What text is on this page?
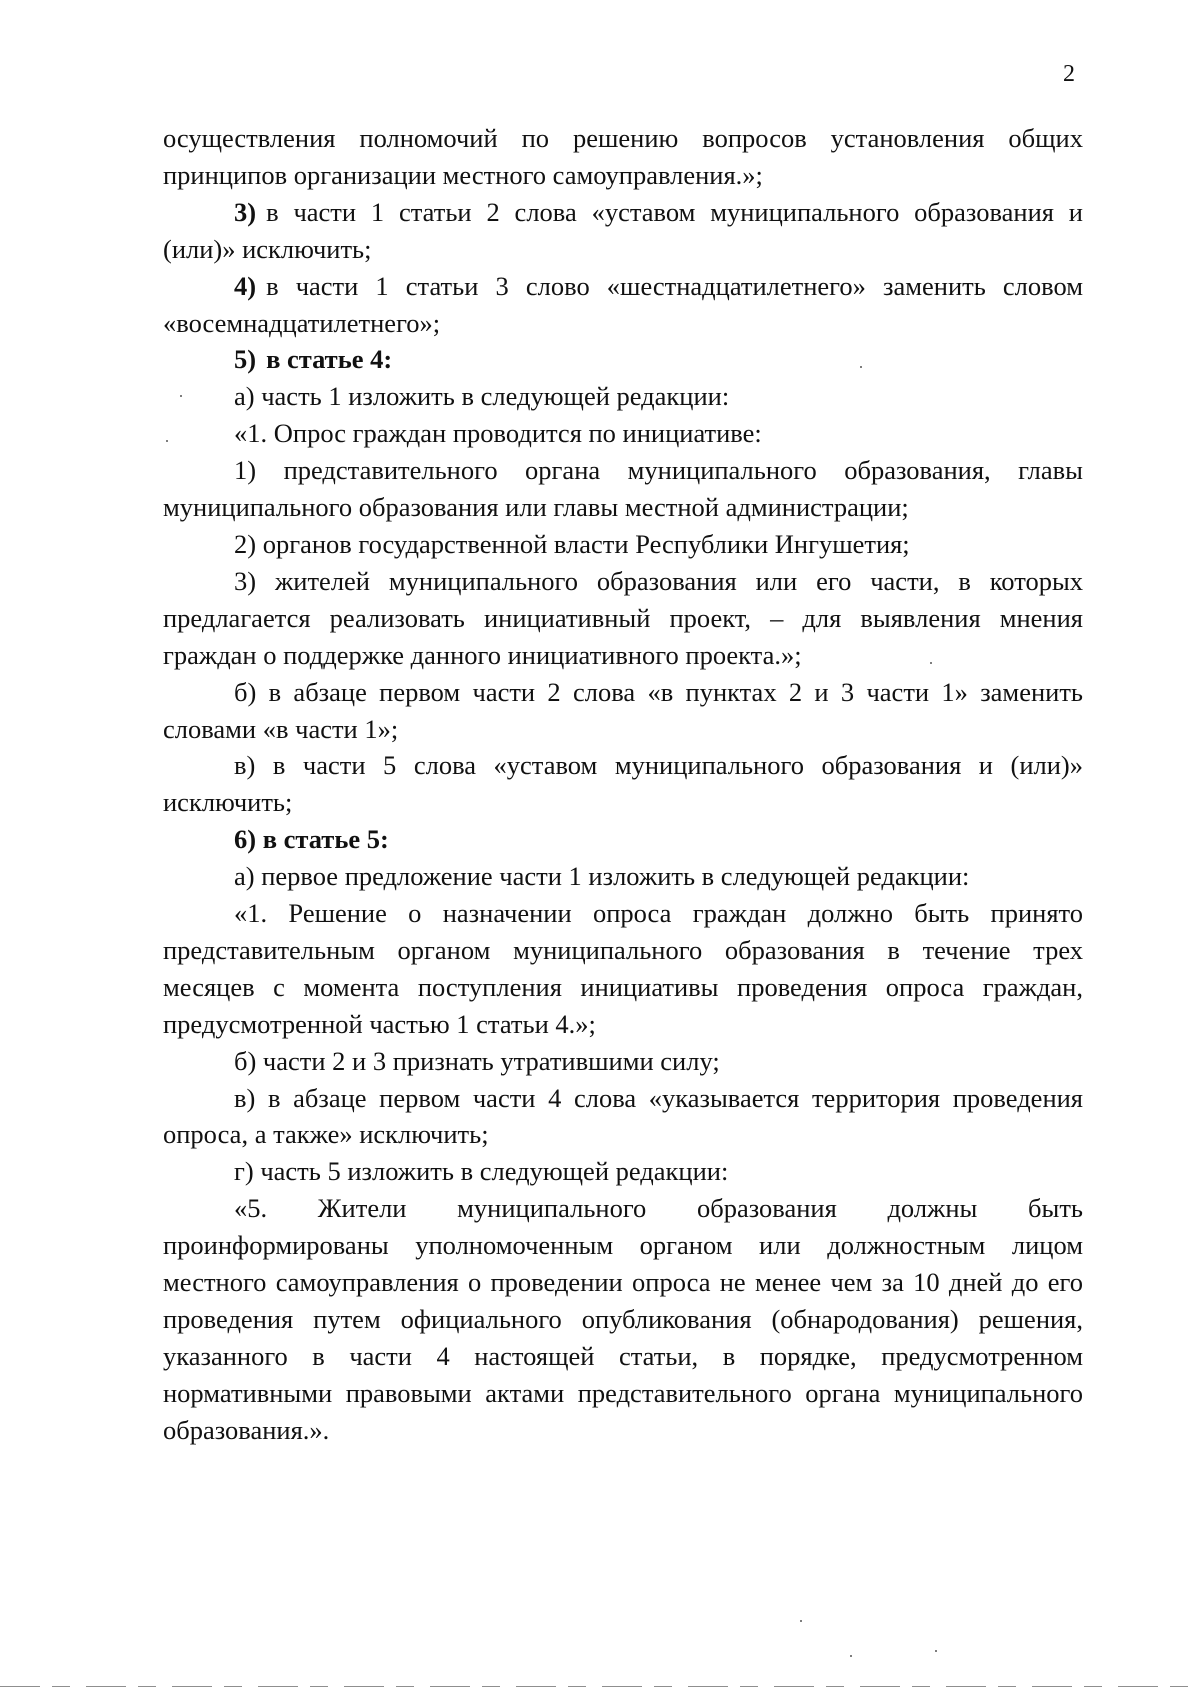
2

осуществления полномочий по решению вопросов установления общих принципов организации местного самоуправления.»;

3) в части 1 статьи 2 слова «уставом муниципального образования и (или)» исключить;

4) в части 1 статьи 3 слово «шестнадцатилетнего» заменить словом «восемнадцатилетнего»;

5) в статье 4:

а) часть 1 изложить в следующей редакции:

«1. Опрос граждан проводится по инициативе:

1) представительного органа муниципального образования, главы муниципального образования или главы местной администрации;

2) органов государственной власти Республики Ингушетия;

3) жителей муниципального образования или его части, в которых предлагается реализовать инициативный проект, – для выявления мнения граждан о поддержке данного инициативного проекта.»;

б) в абзаце первом части 2 слова «в пунктах 2 и 3 части 1» заменить словами «в части 1»;

в) в части 5 слова «уставом муниципального образования и (или)» исключить;

6) в статье 5:

а) первое предложение части 1 изложить в следующей редакции:

«1. Решение о назначении опроса граждан должно быть принято представительным органом муниципального образования в течение трех месяцев с момента поступления инициативы проведения опроса граждан, предусмотренной частью 1 статьи 4.»;

б) части 2 и 3 признать утратившими силу;

в) в абзаце первом части 4 слова «указывается территория проведения опроса, а также» исключить;

г) часть 5 изложить в следующей редакции:

«5. Жители муниципального образования должны быть проинформированы уполномоченным органом или должностным лицом местного самоуправления о проведении опроса не менее чем за 10 дней до его проведения путем официального опубликования (обнародования) решения, указанного в части 4 настоящей статьи, в порядке, предусмотренном нормативными правовыми актами представительного органа муниципального образования.».
